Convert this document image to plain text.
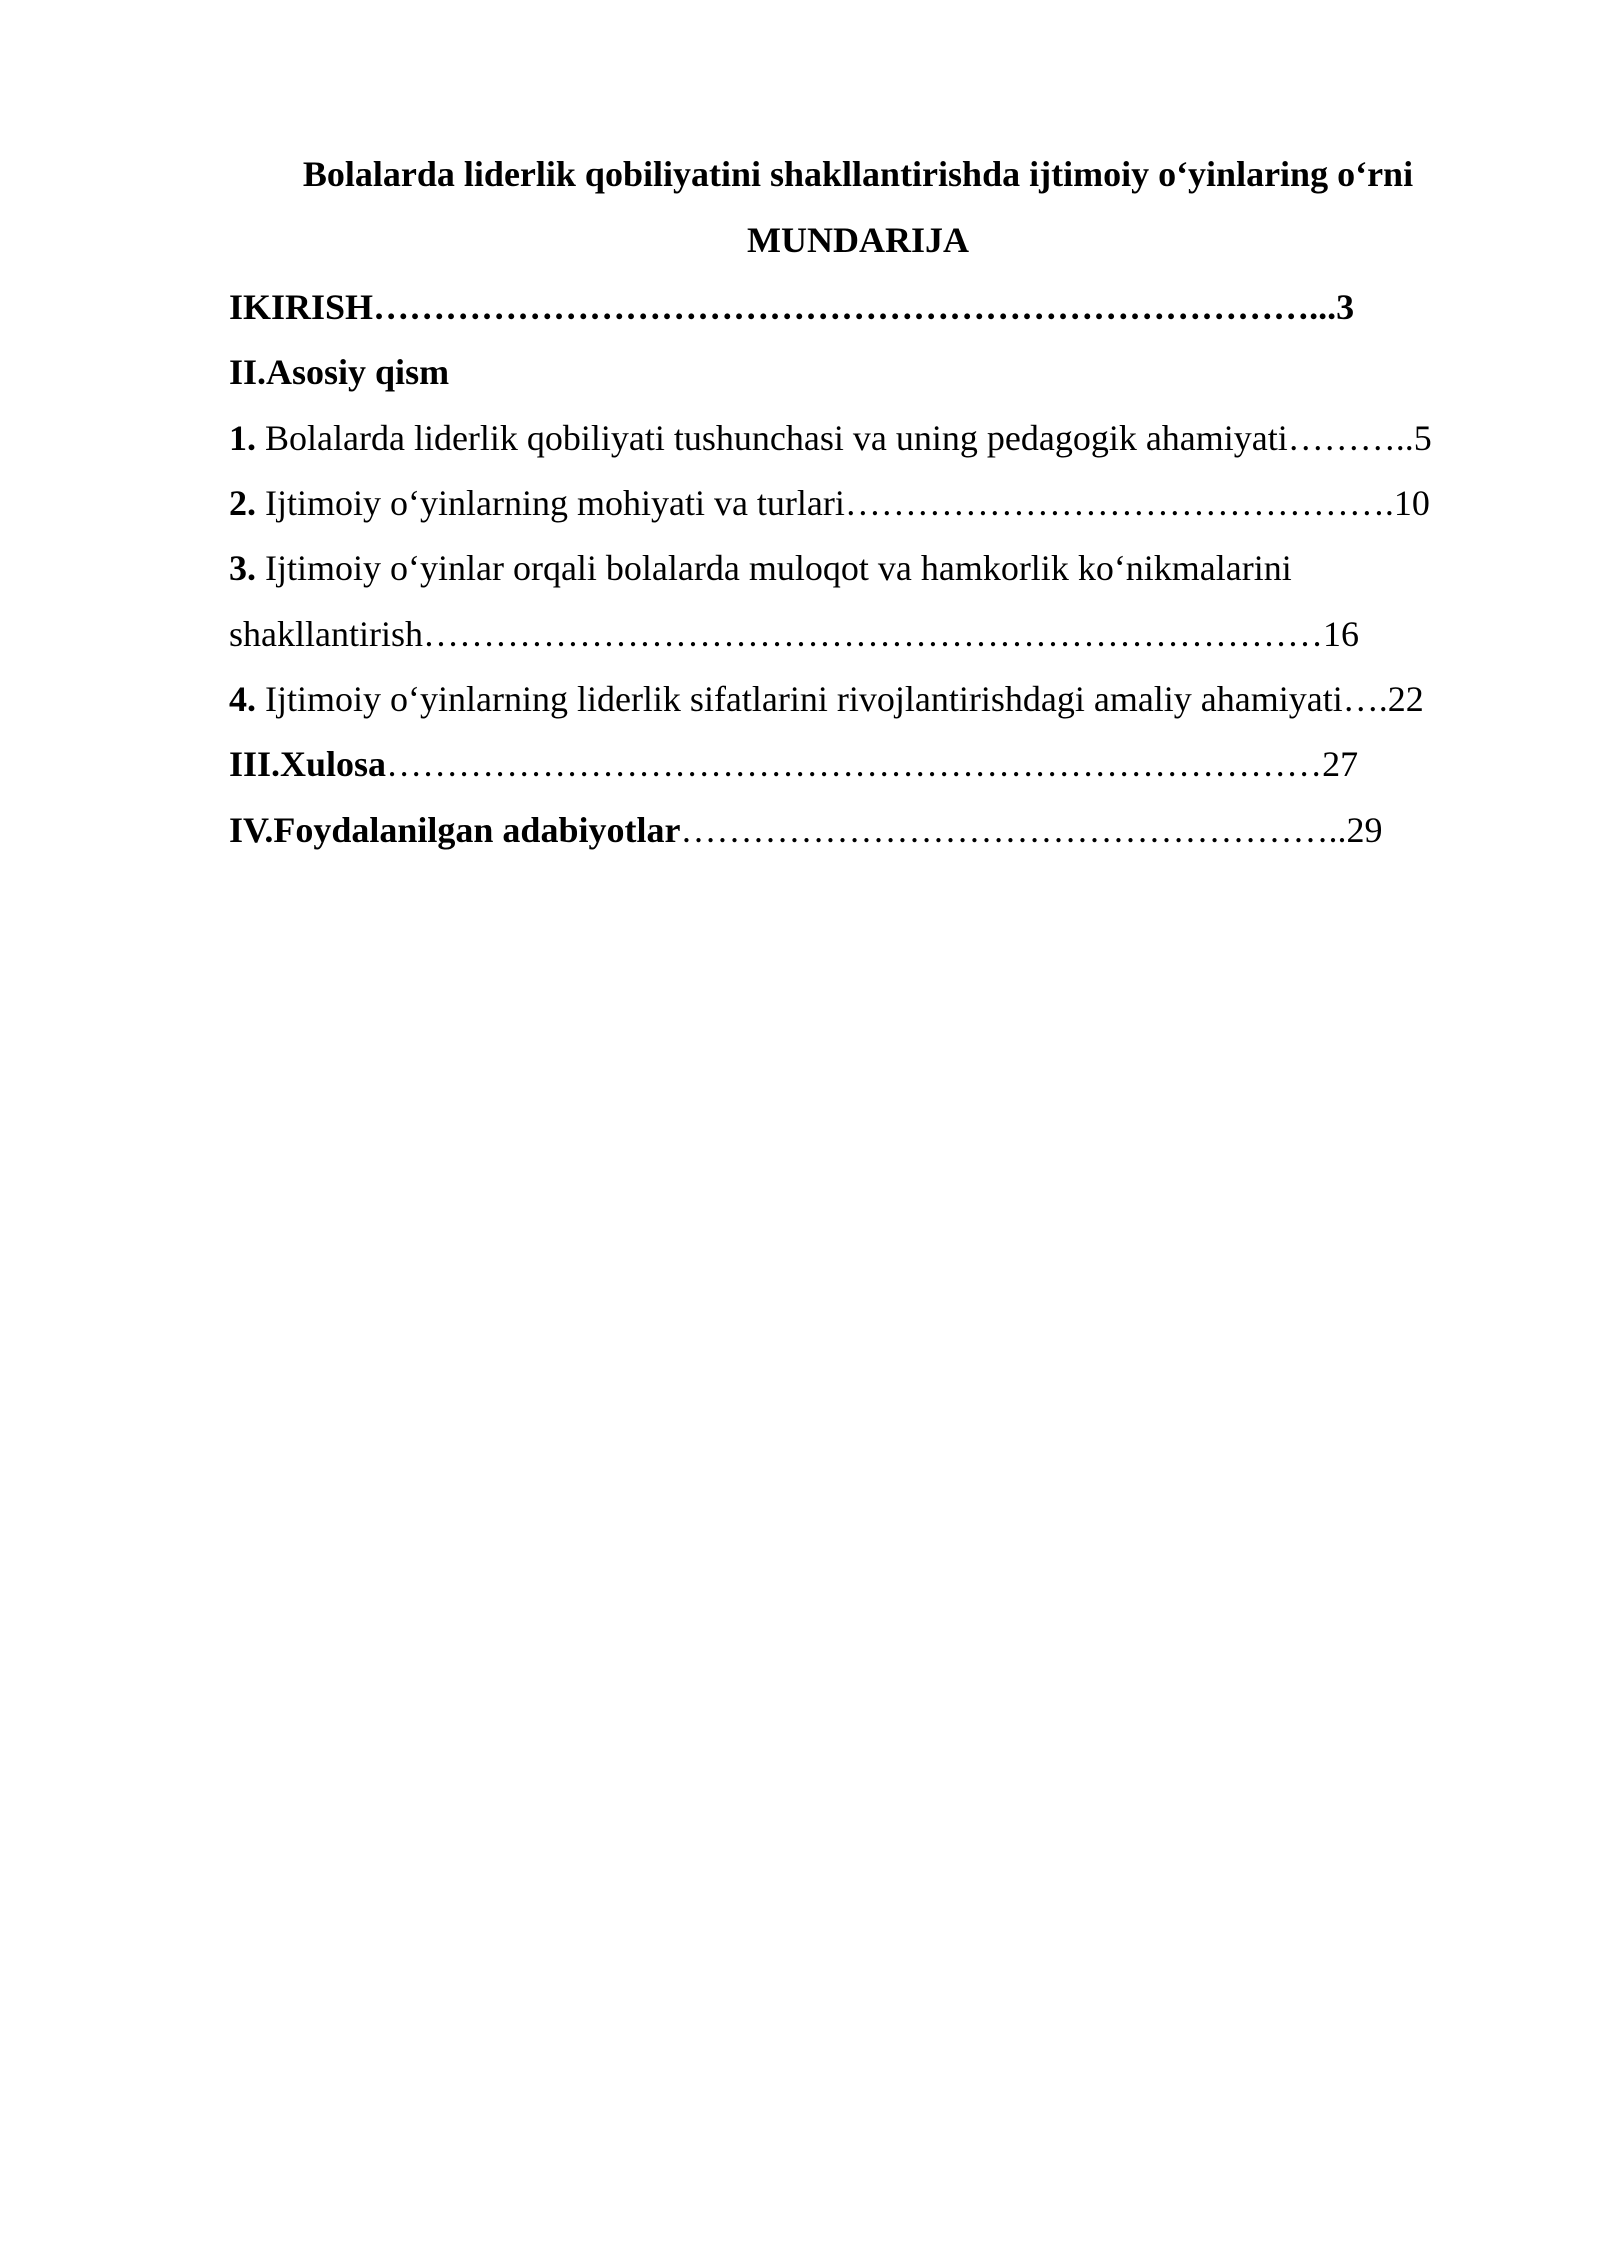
Bolalarda liderlik qobiliyatini shakllantirishda ijtimoiy o‘yinlaring o‘rni
MUNDARIJA
IKIRISH……………………………………………………………………...3
II.Asosiy qism
1. Bolalarda liderlik qobiliyati tushunchasi va uning pedagogik ahamiyati………..5
2. Ijtimoiy o‘yinlarning mohiyati va turlari……………………………………….10
3. Ijtimoiy o‘yinlar orqali bolalarda muloqot va hamkorlik ko‘nikmalarini
shakllantirish…………………………………………………………………16
4. Ijtimoiy o‘yinlarning liderlik sifatlarini rivojlantirishdagi amaliy ahamiyati….22
III.Xulosa……………………………………………………………………27
IV.Foydalanilgan adabiyotlar………………………………………………..29
